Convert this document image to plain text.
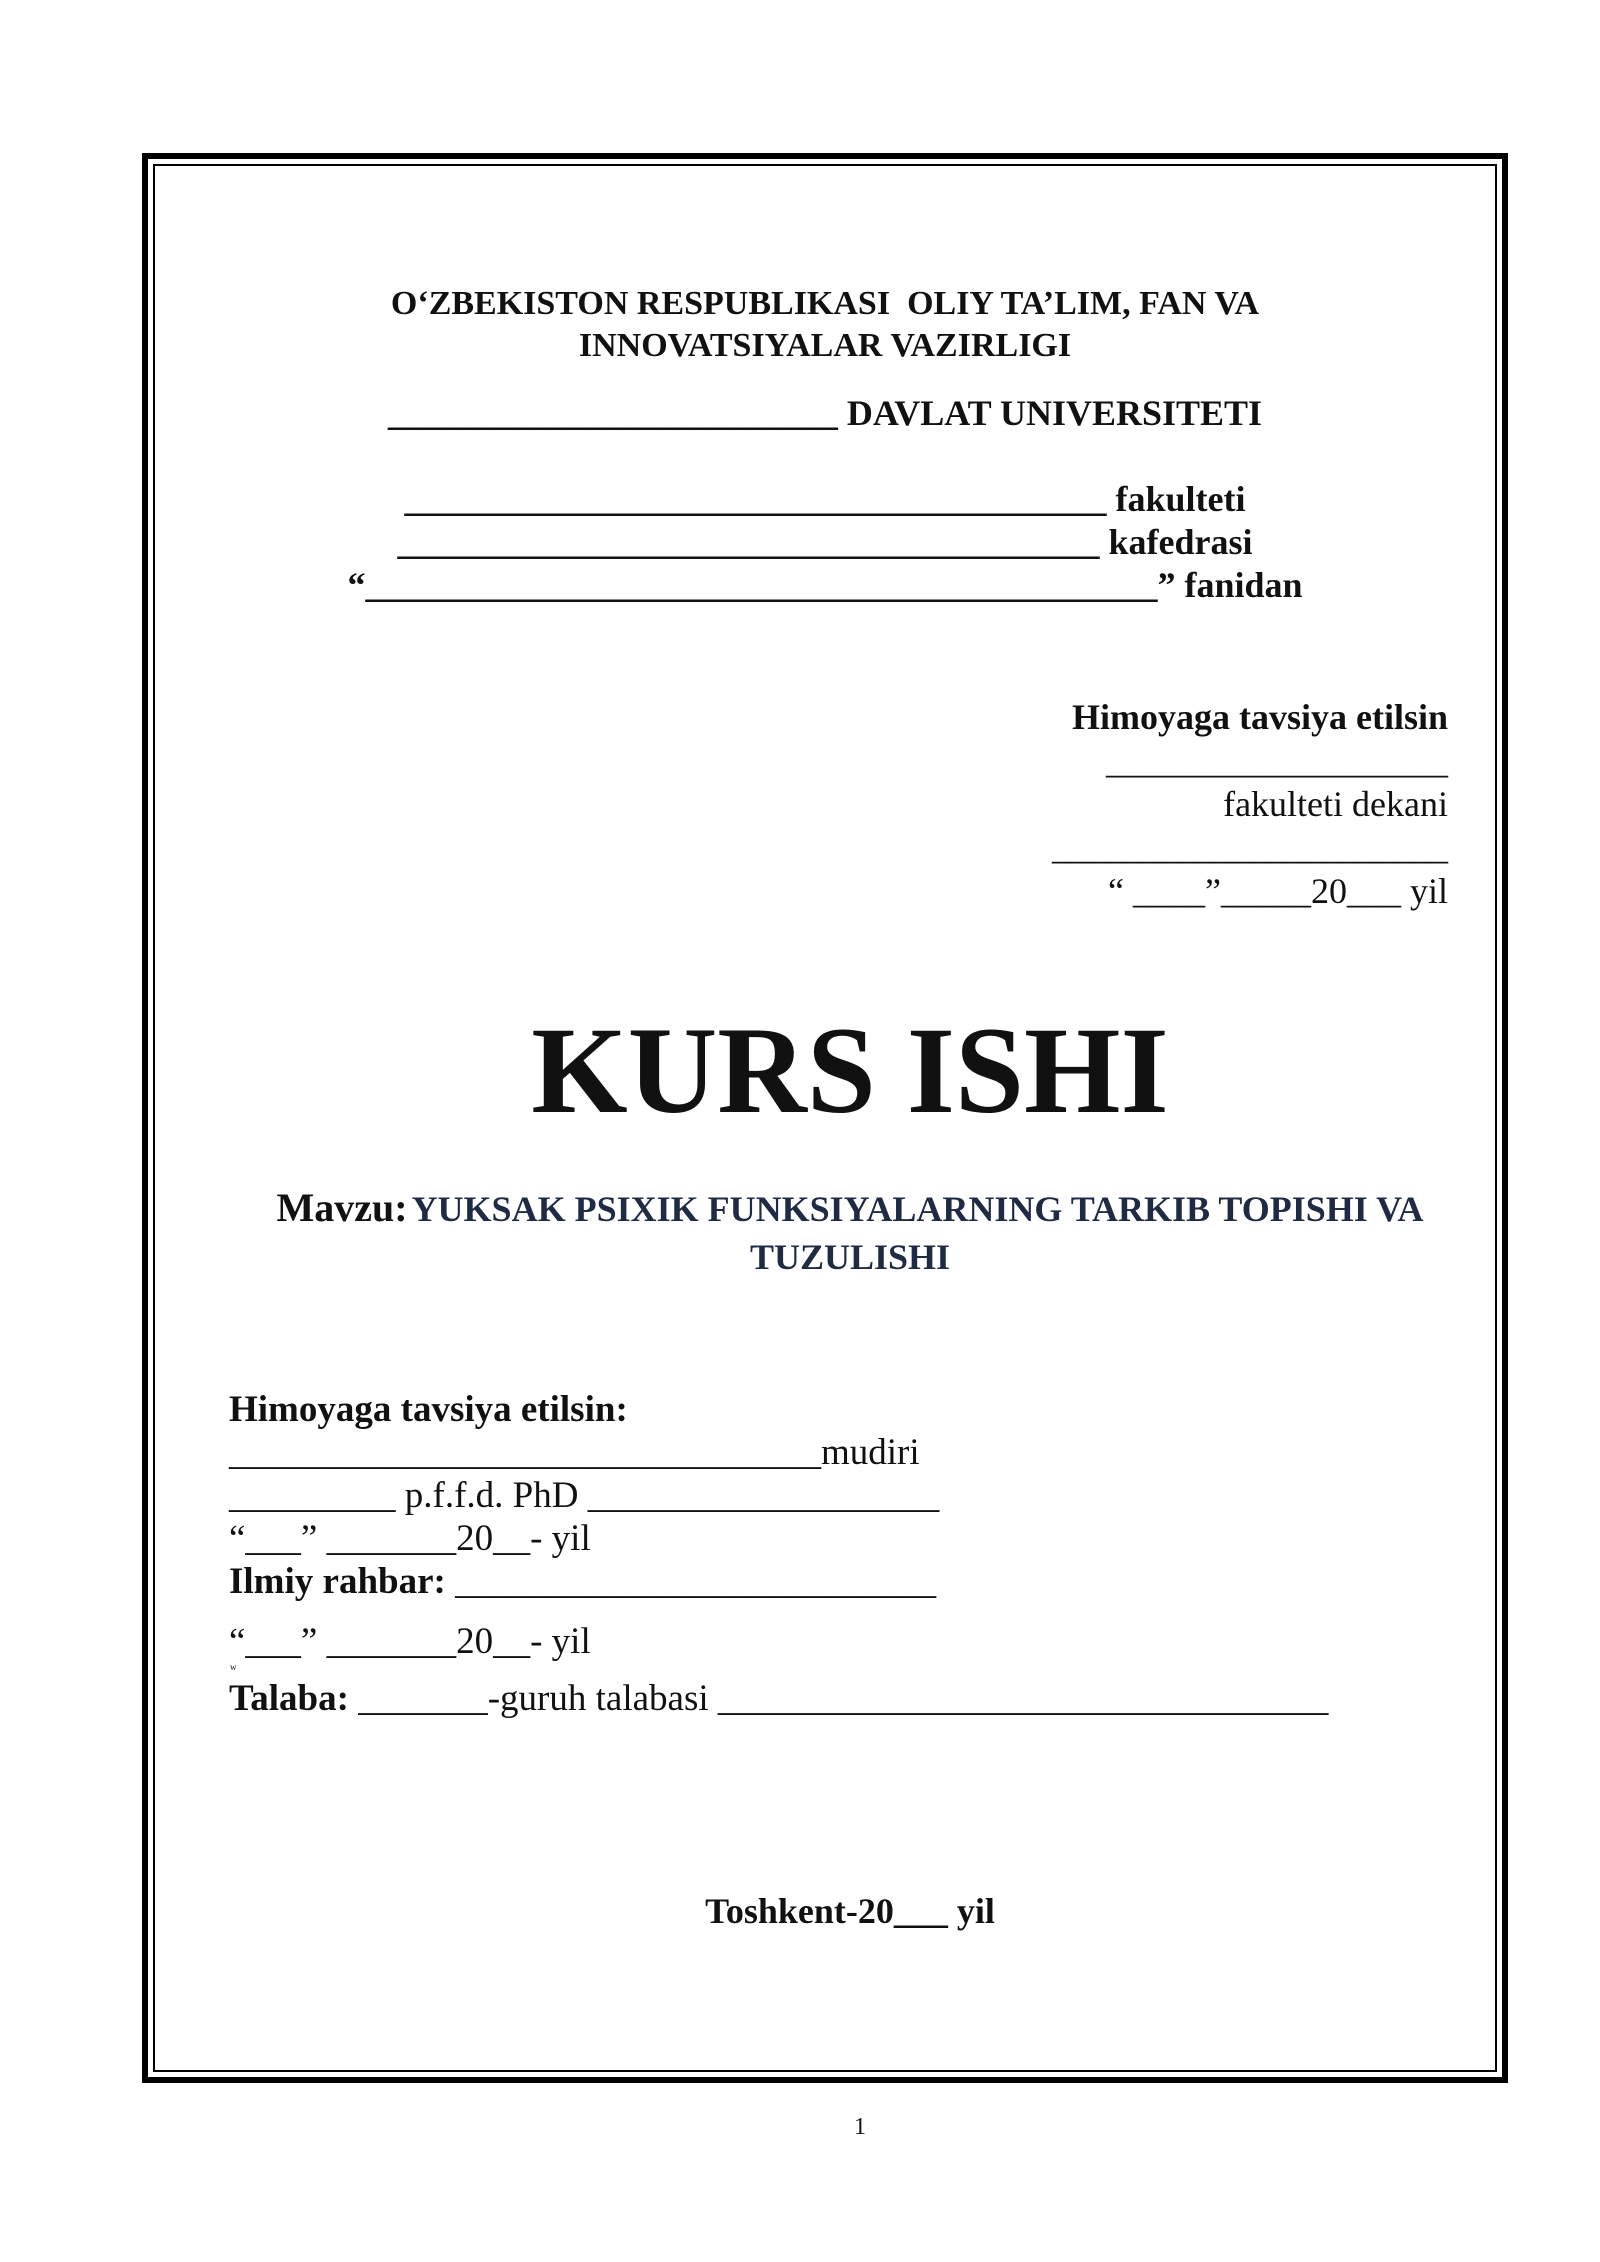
O‘ZBEKISTON RESPUBLIKASI  OLIY TA’LIM, FAN VA
INNOVATSIYALAR VAZIRLIGI
_________________________ DAVLAT UNIVERSITETI
_______________________________________ fakulteti
_______________________________________ kafedrasi
“____________________________________________” fanidan
Himoyaga tavsiya etilsin
___________________
fakulteti dekani
______________________
“ ____”_____20___ yil
KURS ISHI
Mavzu: YUKSAK PSIXIK FUNKSIYALARNING TARKIB TOPISHI VA
TUZULISHI
Himoyaga tavsiya etilsin:
________________________________mudiri
_________ p.f.f.d. PhD ___________________
“___” _______20__- yil
Ilmiy rahbar: __________________________
“___” _______20__- yil
w
Talaba: _______-guruh talabasi _________________________________
Toshkent-20___ yil
1
